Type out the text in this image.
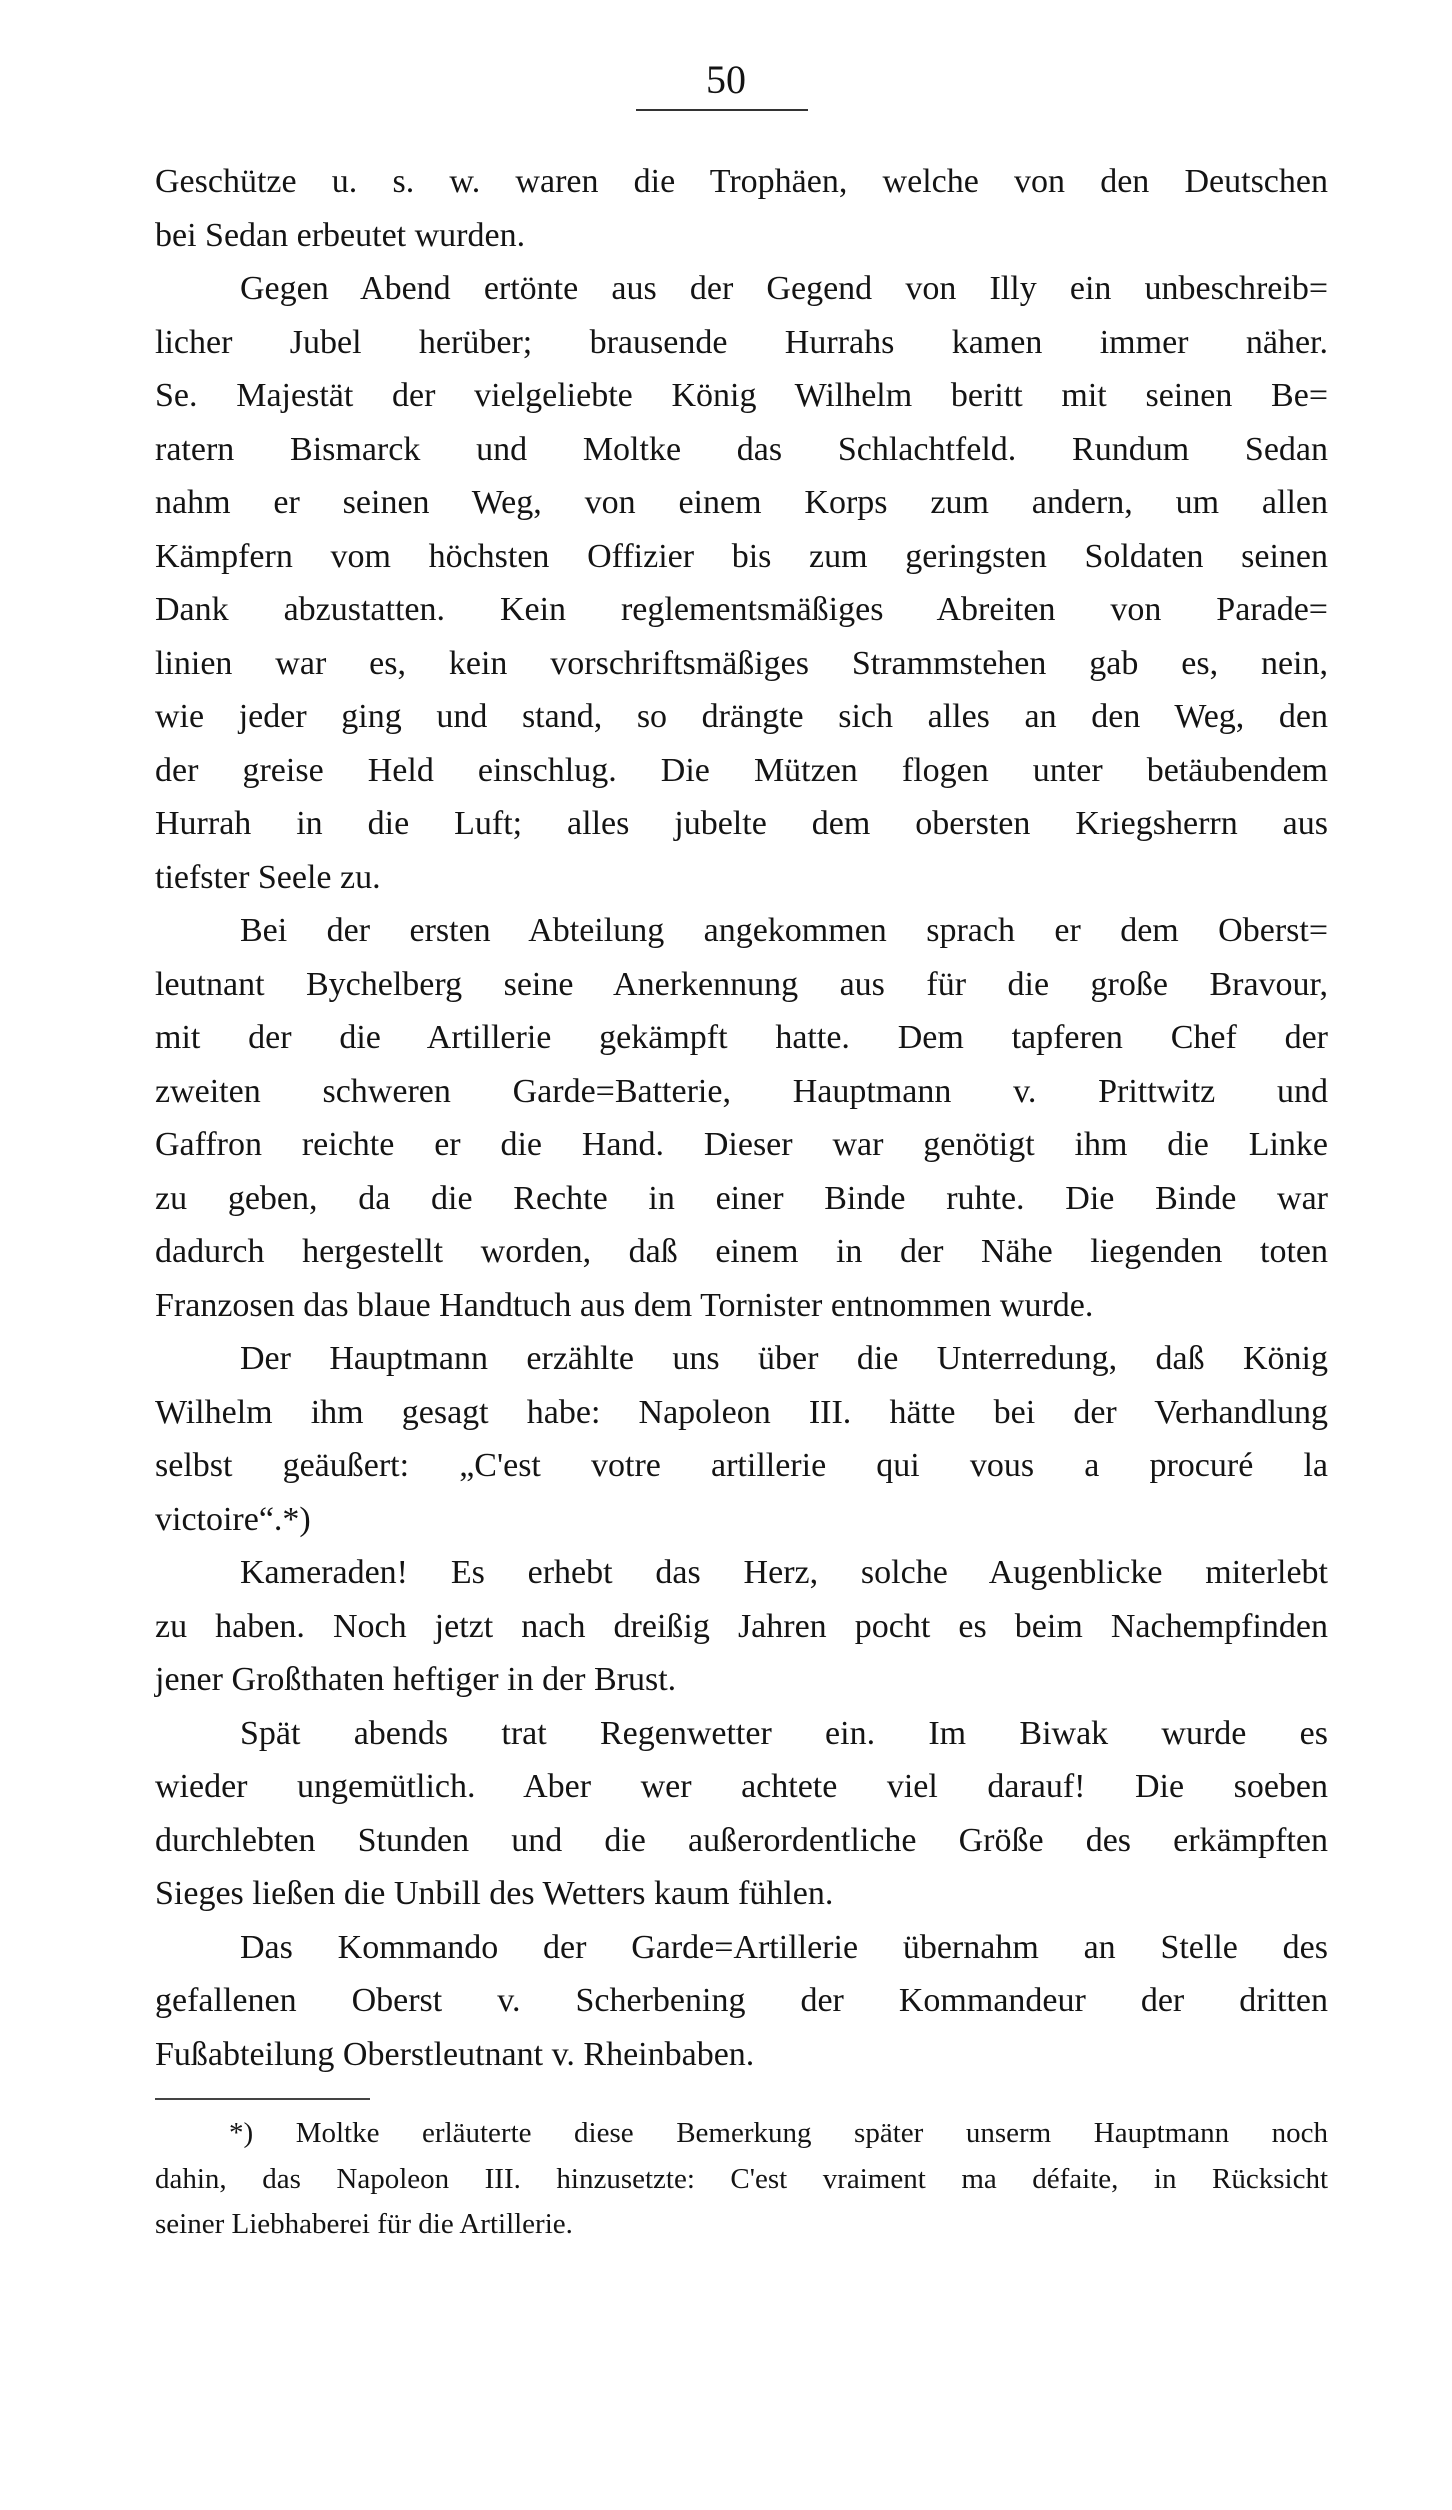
50
Geschütze u. s. w. waren die Trophäen, welche von den Deutschen
bei Sedan erbeutet wurden.
Gegen Abend ertönte aus der Gegend von Illy ein unbeschreib=
licher Jubel herüber; brausende Hurrahs kamen immer näher.
Se. Majestät der vielgeliebte König Wilhelm beritt mit seinen Be=
ratern Bismarck und Moltke das Schlachtfeld. Rundum Sedan
nahm er seinen Weg, von einem Korps zum andern, um allen
Kämpfern vom höchsten Offizier bis zum geringsten Soldaten seinen
Dank abzustatten. Kein reglementsmäßiges Abreiten von Parade=
linien war es, kein vorschriftsmäßiges Strammstehen gab es, nein,
wie jeder ging und stand, so drängte sich alles an den Weg, den
der greise Held einschlug. Die Mützen flogen unter betäubendem
Hurrah in die Luft; alles jubelte dem obersten Kriegsherrn aus
tiefster Seele zu.
Bei der ersten Abteilung angekommen sprach er dem Oberst=
leutnant Bychelberg seine Anerkennung aus für die große Bravour,
mit der die Artillerie gekämpft hatte. Dem tapferen Chef der
zweiten schweren Garde=Batterie, Hauptmann v. Prittwitz und
Gaffron reichte er die Hand. Dieser war genötigt ihm die Linke
zu geben, da die Rechte in einer Binde ruhte. Die Binde war
dadurch hergestellt worden, daß einem in der Nähe liegenden toten
Franzosen das blaue Handtuch aus dem Tornister entnommen wurde.
Der Hauptmann erzählte uns über die Unterredung, daß König
Wilhelm ihm gesagt habe: Napoleon III. hätte bei der Verhandlung
selbst geäußert: „C'est votre artillerie qui vous a procuré la
victoire“.*)
Kameraden! Es erhebt das Herz, solche Augenblicke miterlebt
zu haben. Noch jetzt nach dreißig Jahren pocht es beim Nachempfinden
jener Großthaten heftiger in der Brust.
Spät abends trat Regenwetter ein. Im Biwak wurde es
wieder ungemütlich. Aber wer achtete viel darauf! Die soeben
durchlebten Stunden und die außerordentliche Größe des erkämpften
Sieges ließen die Unbill des Wetters kaum fühlen.
Das Kommando der Garde=Artillerie übernahm an Stelle des
gefallenen Oberst v. Scherbening der Kommandeur der dritten
Fußabteilung Oberstleutnant v. Rheinbaben.
*) Moltke erläuterte diese Bemerkung später unserm Hauptmann noch
dahin, das Napoleon III. hinzusetzte: C'est vraiment ma défaite, in Rücksicht
seiner Liebhaberei für die Artillerie.
